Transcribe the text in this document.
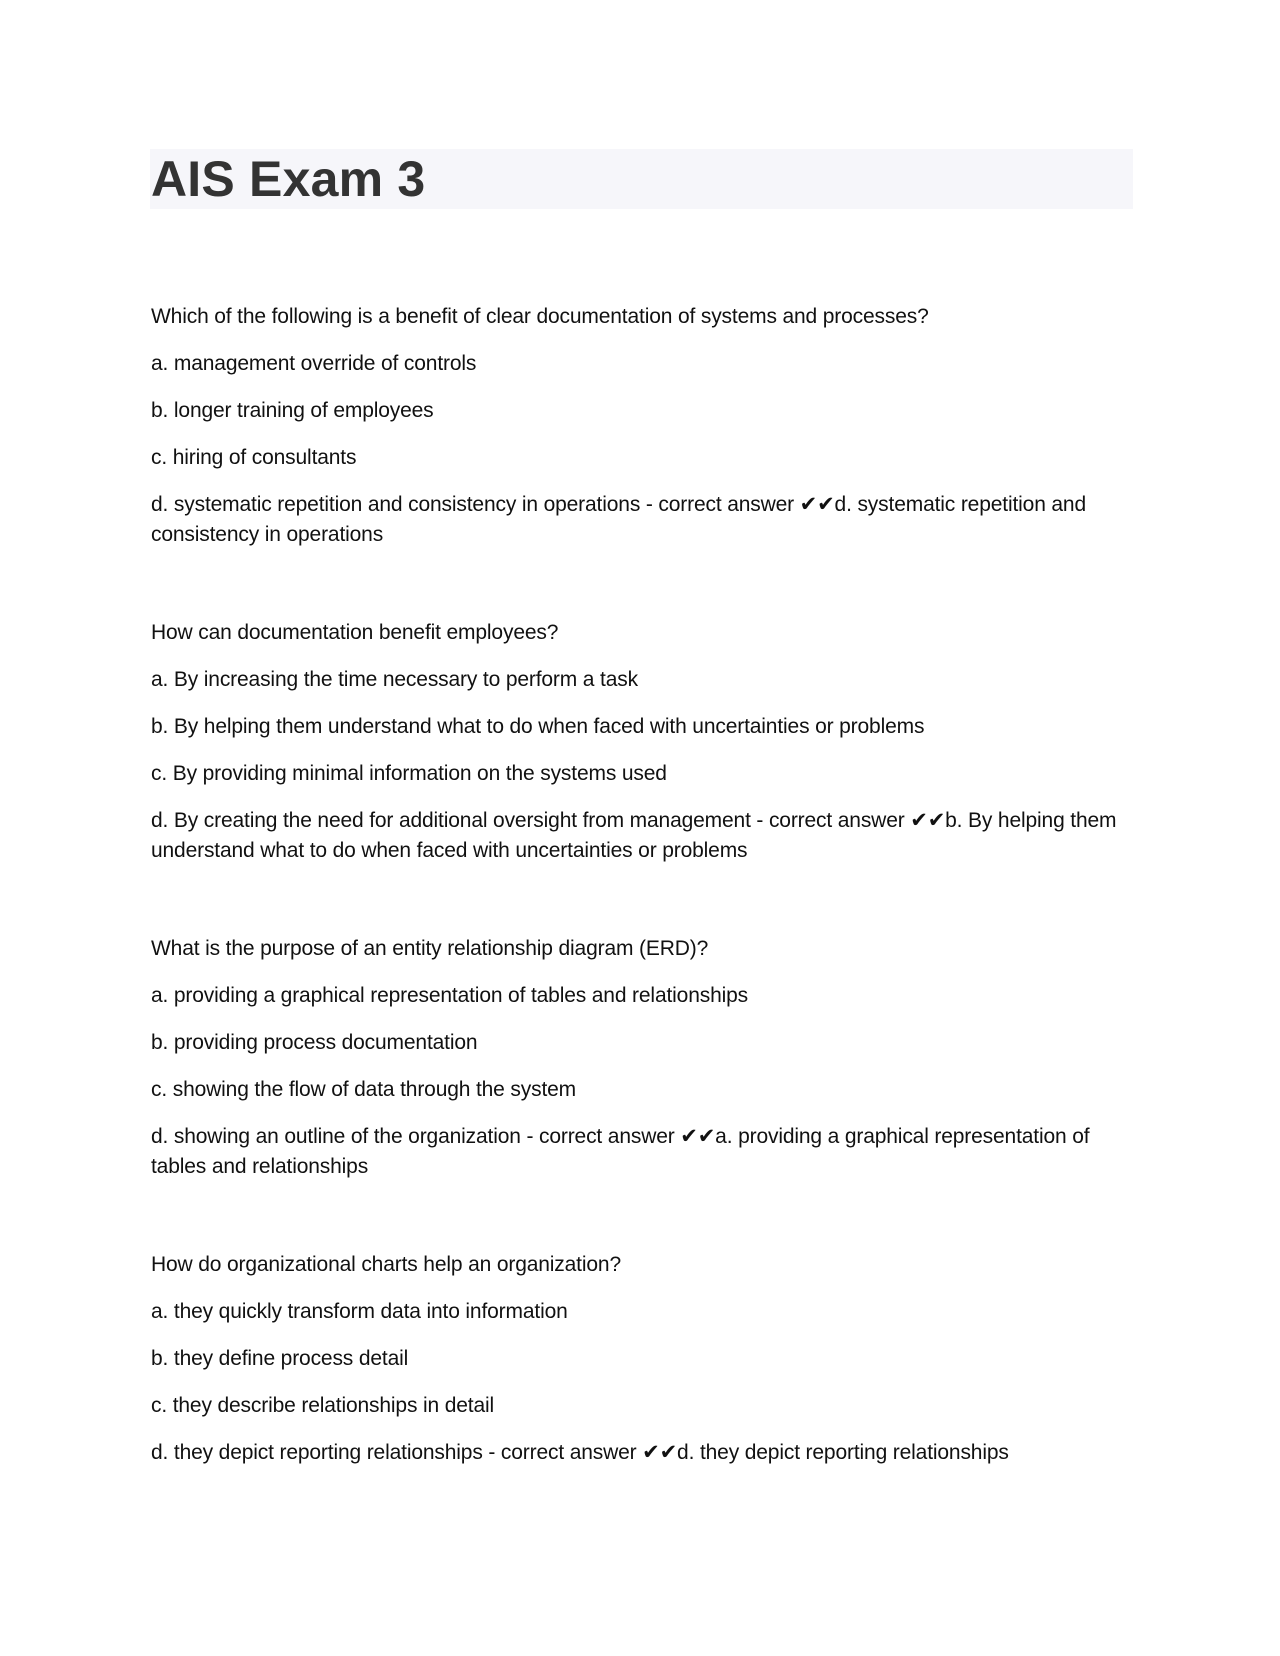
AIS Exam 3

Which of the following is a benefit of clear documentation of systems and processes?

a. management override of controls

b. longer training of employees

c. hiring of consultants

d. systematic repetition and consistency in operations - correct answer ✔✔d. systematic repetition and consistency in operations

How can documentation benefit employees?

a. By increasing the time necessary to perform a task

b. By helping them understand what to do when faced with uncertainties or problems

c. By providing minimal information on the systems used

d. By creating the need for additional oversight from management - correct answer ✔✔b. By helping them understand what to do when faced with uncertainties or problems

What is the purpose of an entity relationship diagram (ERD)?

a. providing a graphical representation of tables and relationships

b. providing process documentation

c. showing the flow of data through the system

d. showing an outline of the organization - correct answer ✔✔a. providing a graphical representation of tables and relationships

How do organizational charts help an organization?

a. they quickly transform data into information

b. they define process detail

c. they describe relationships in detail

d. they depict reporting relationships - correct answer ✔✔d. they depict reporting relationships
